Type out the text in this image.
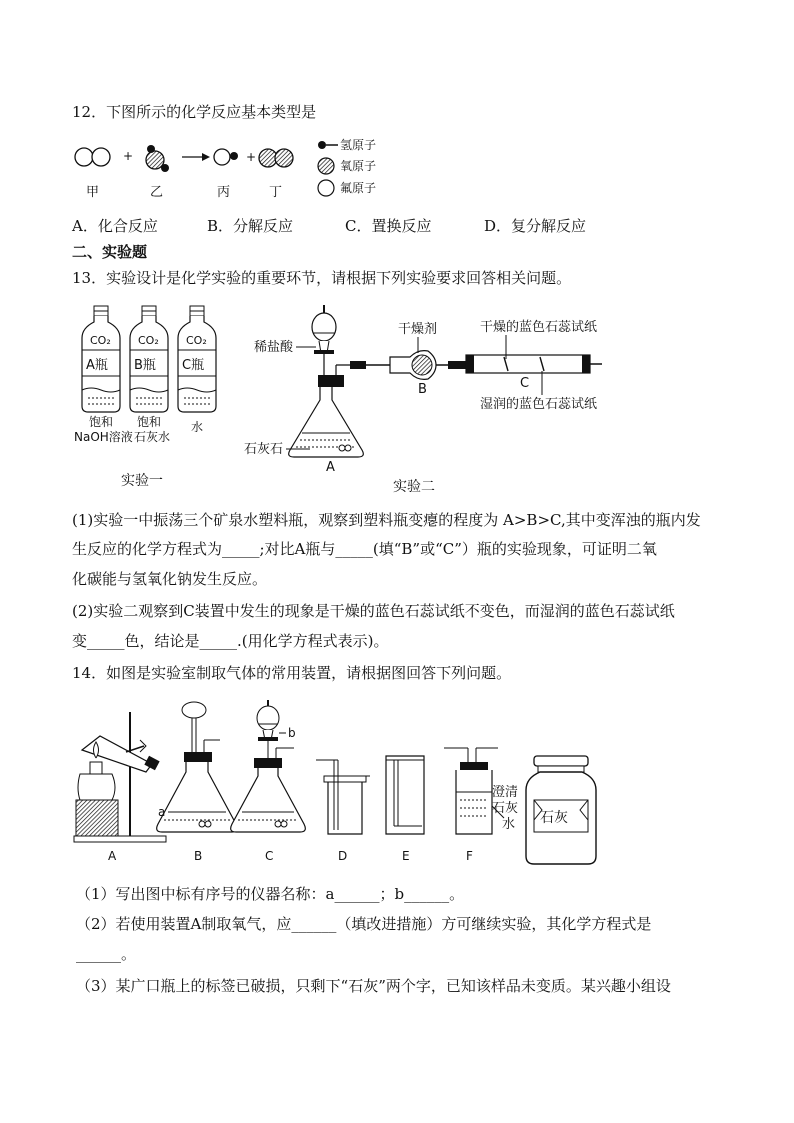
12．下图所示的化学反应基本类型是
+	+
甲	乙	丙	丁
氢原子
氧原子
氟原子
A．化合反应	B．分解反应	C．置换反应	D．复分解反应
二、实验题
13．实验设计是化学实验的重要环节，请根据下列实验要求回答相关问题。
CO₂
A瓶
CO₂
B瓶
CO₂
C瓶
饱和
NaOH溶液
饱和
石灰水
水
实验一
稀盐酸
石灰石
A
干燥剂
B
干燥的蓝色石蕊试纸
C
湿润的蓝色石蕊试纸
实验二
(1)实验一中振荡三个矿泉水塑料瓶，观察到塑料瓶变瘪的程度为 A>B>C,其中变浑浊的瓶内发
生反应的化学方程式为_____;对比A瓶与_____(填“B”或“C”）瓶的实验现象，可证明二氧
化碳能与氢氧化钠发生反应。
(2)实验二观察到C装置中发生的现象是干燥的蓝色石蕊试纸不变色，而湿润的蓝色石蕊试纸
变_____色，结论是_____.(用化学方程式表示)。
14．如图是实验室制取气体的常用装置，请根据图回答下列问题。
A
a
B
b
C	D	E
澄清
石灰
水
F
石灰
（1）写出图中标有序号的仪器名称：a______；b______。
（2）若使用装置A制取氧气，应______（填改进措施）方可继续实验，其化学方程式是
______。
（3）某广口瓶上的标签已破损，只剩下“石灰”两个字，已知该样品未变质。某兴趣小组设
